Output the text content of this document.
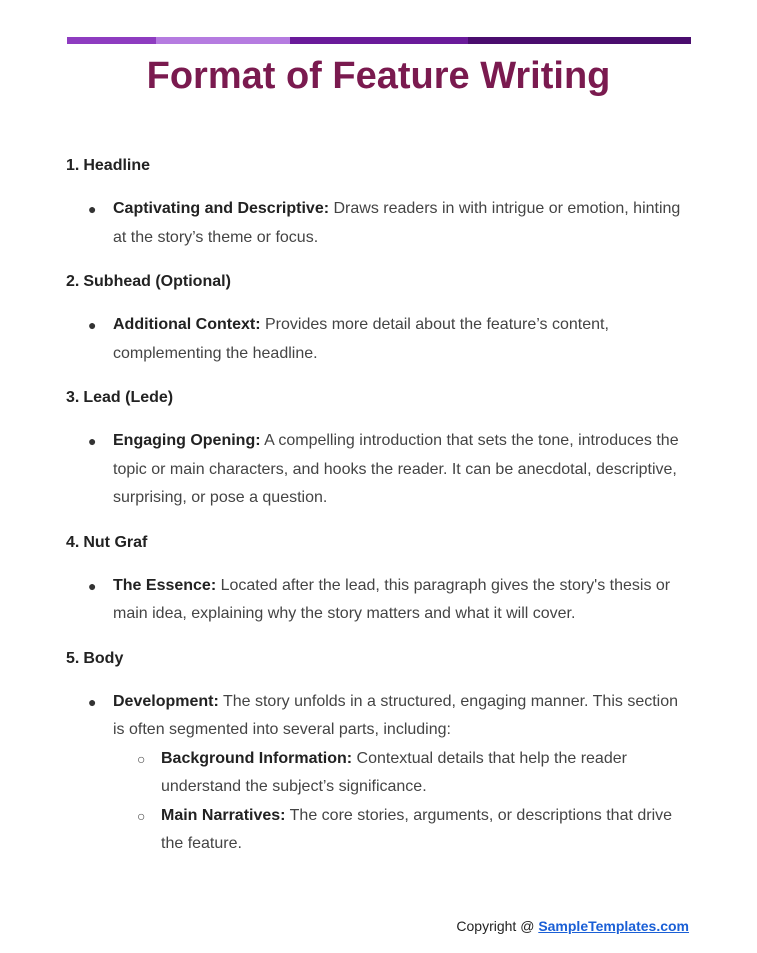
Format of Feature Writing
1. Headline
● Captivating and Descriptive: Draws readers in with intrigue or emotion, hinting
at the story’s theme or focus.
2. Subhead (Optional)
● Additional Context: Provides more detail about the feature’s content,
complementing the headline.
3. Lead (Lede)
● Engaging Opening: A compelling introduction that sets the tone, introduces the
topic or main characters, and hooks the reader. It can be anecdotal, descriptive,
surprising, or pose a question.
4. Nut Graf
● The Essence: Located after the lead, this paragraph gives the story's thesis or
main idea, explaining why the story matters and what it will cover.
5. Body
● Development: The story unfolds in a structured, engaging manner. This section
is often segmented into several parts, including:
○ Background Information: Contextual details that help the reader
understand the subject’s significance.
○ Main Narratives: The core stories, arguments, or descriptions that drive
the feature.
Copyright @ SampleTemplates.com
